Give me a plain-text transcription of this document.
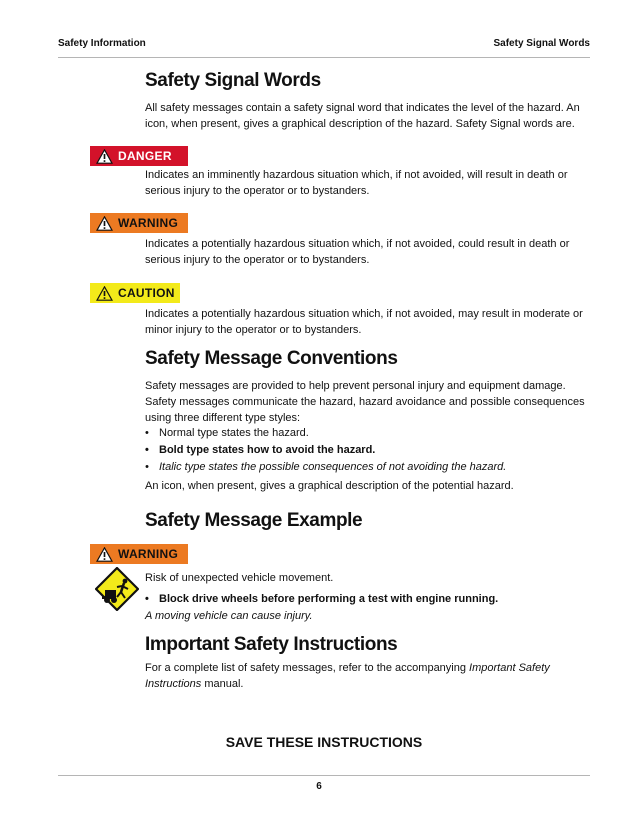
Safety Information	Safety Signal Words
Safety Signal Words

All safety messages contain a safety signal word that indicates the level of the hazard. An icon, when present, gives a graphical description of the hazard. Safety Signal words are.

DANGER

Indicates an imminently hazardous situation which, if not avoided, will result in death or serious injury to the operator or to bystanders.

WARNING

Indicates a potentially hazardous situation which, if not avoided, could result in death or serious injury to the operator or to bystanders.

CAUTION

Indicates a potentially hazardous situation which, if not avoided, may result in moderate or minor injury to the operator or to bystanders.

Safety Message Conventions

Safety messages are provided to help prevent personal injury and equipment damage. Safety messages communicate the hazard, hazard avoidance and possible consequences using three different type styles:

• Normal type states the hazard.
• Bold type states how to avoid the hazard.
• Italic type states the possible consequences of not avoiding the hazard.

An icon, when present, gives a graphical description of the potential hazard.

Safety Message Example
WARNING

Risk of unexpected vehicle movement.

• Block drive wheels before performing a test with engine running.

A moving vehicle can cause injury.

Important Safety Instructions

For a complete list of safety messages, refer to the accompanying Important Safety Instructions manual.

SAVE THESE INSTRUCTIONS
6
